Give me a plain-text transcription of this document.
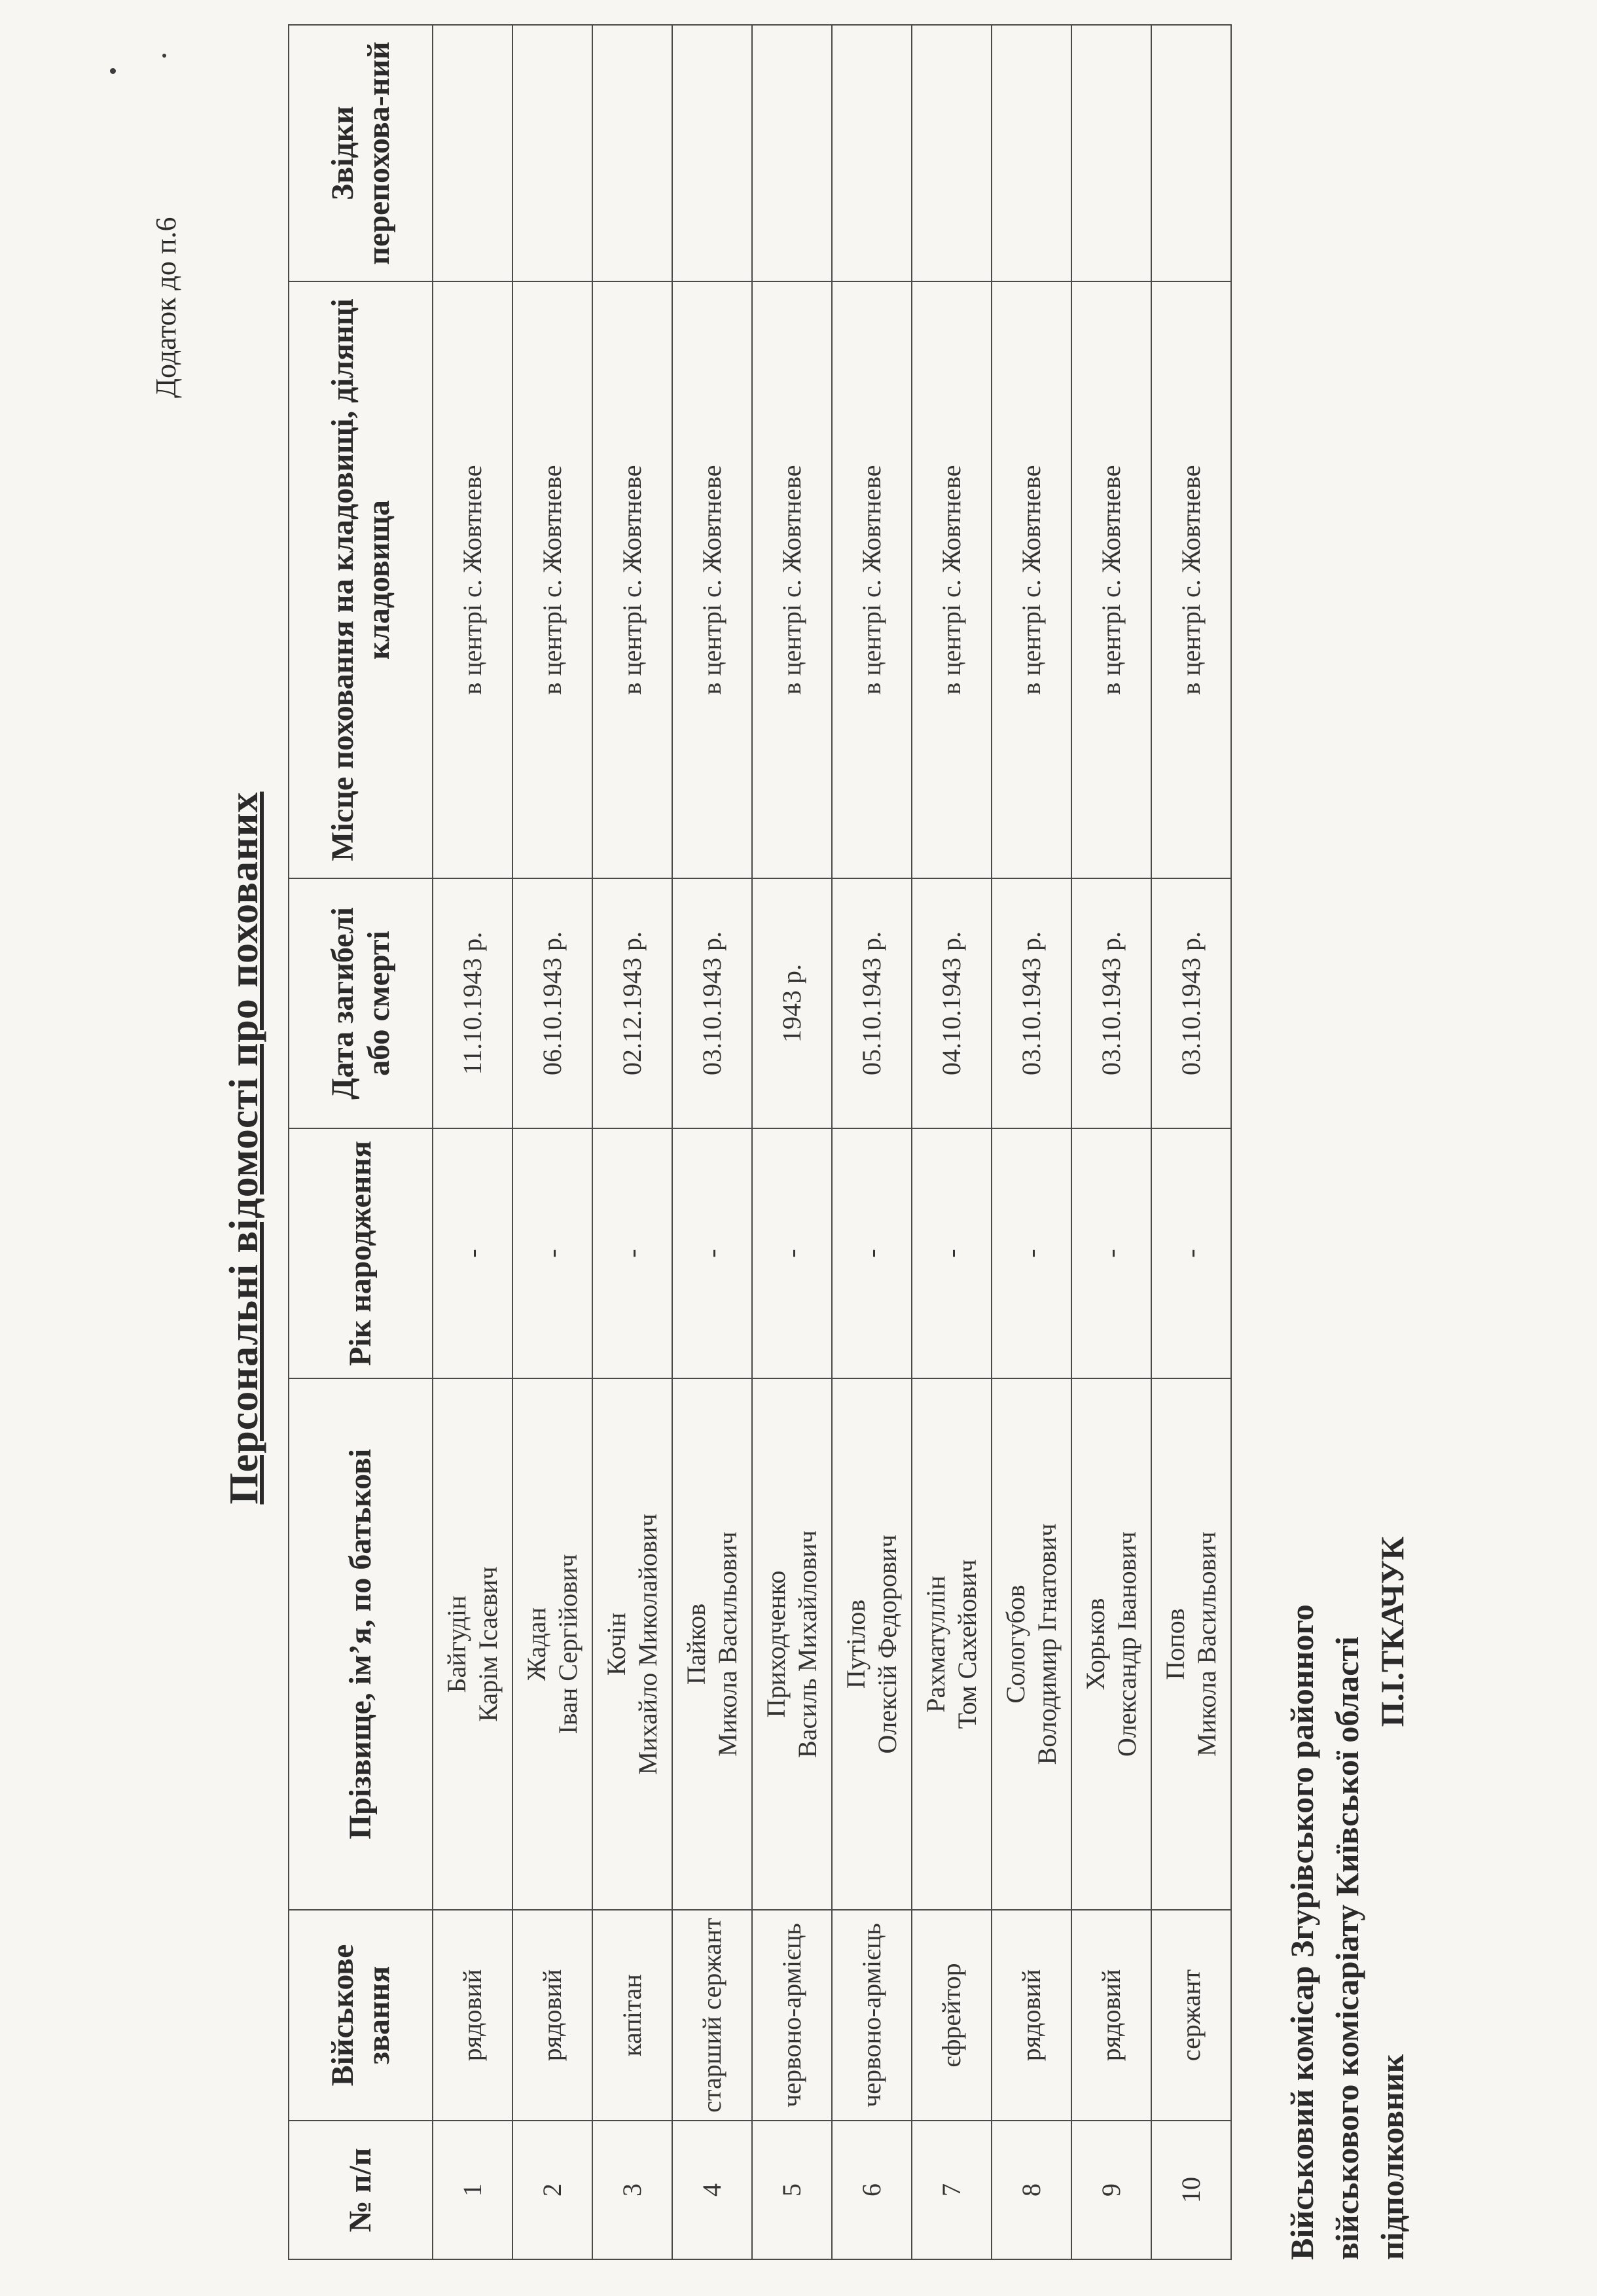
Додаток до п.6
Персональні відомості про похованих
№ п/п	Військове звання	Прізвище, ім’я, по батькові	Рік народження	Дата загибелі або смерті	Місце поховання на кладовищі, ділянці кладовища	Звідки перепохова-ний
1	рядовий	Байгудін Карім Ісаєвич	-	11.10.1943 р.	в центрі с. Жовтневе	
2	рядовий	Жадан Іван Сергійович	-	06.10.1943 р.	в центрі с. Жовтневе	
3	капітан	Кочін Михайло Миколайович	-	02.12.1943 р.	в центрі с. Жовтневе	
4	старший сержант	Пайков Микола Васильович	-	03.10.1943 р.	в центрі с. Жовтневе	
5	червоно-армієць	Приходченко Василь Михайлович	-	1943 р.	в центрі с. Жовтневе	
6	червоно-армієць	Путілов Олексій Федорович	-	05.10.1943 р.	в центрі с. Жовтневе	
7	єфрейтор	Рахматуллін Том Сахейович	-	04.10.1943 р.	в центрі с. Жовтневе	
8	рядовий	Сологубов Володимир Ігнатович	-	03.10.1943 р.	в центрі с. Жовтневе	
9	рядовий	Хорьков Олександр Іванович	-	03.10.1943 р.	в центрі с. Жовтневе	
10	сержант	Попов Микола Васильович	-	03.10.1943 р.	в центрі с. Жовтневе	
Військовий комісар Згурівського районного військового комісаріату Київської області підполковникП.І.ТКАЧУК
